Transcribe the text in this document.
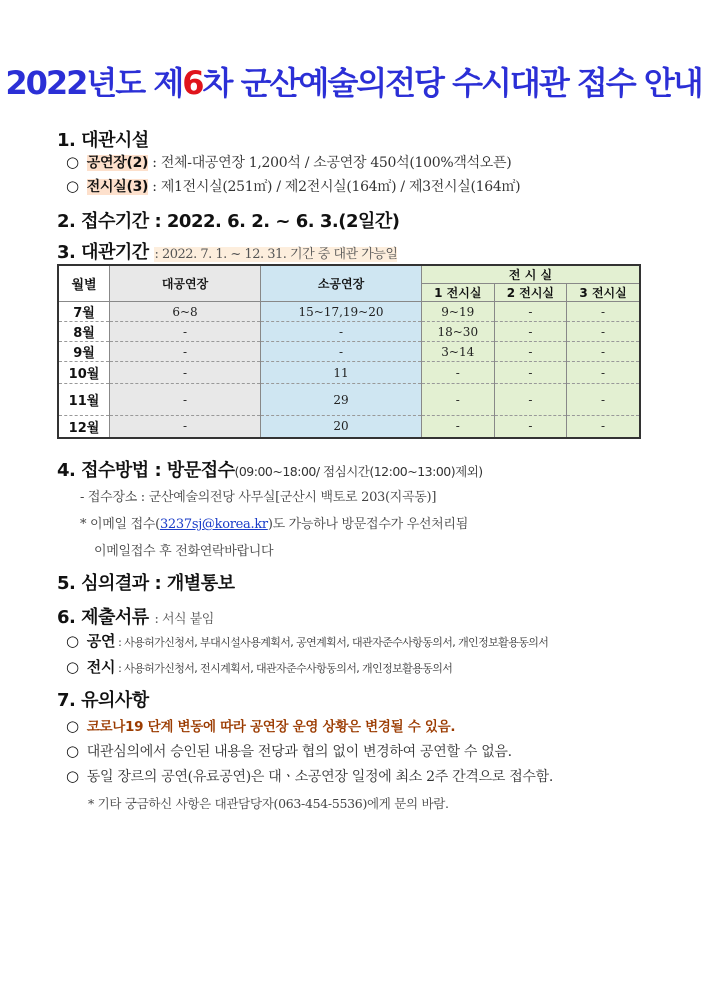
2022년도 제6차 군산예술의전당 수시대관 접수 안내
1. 대관시설
○ 공연장(2) : 전체-대공연장 1,200석 / 소공연장 450석(100%객석오픈)
○ 전시실(3) : 제1전시실(251㎡) / 제2전시실(164㎡) / 제3전시실(164㎡)
2. 접수기간 : 2022. 6. 2. ~ 6. 3.(2일간)
3. 대관기간 : 2022. 7. 1. ~ 12. 31. 기간 중 대관 가능일
월별	대공연장	소공연장	전 시 실		
			1 전시실	2 전시실	3 전시실
7월	6~8	15~17,19~20	9~19	-	-
8월	-	-	18~30	-	-
9월	-	-	3~14	-	-
10월	-	11	-	-	-
11월	-	29	-	-	-
12월	-	20	-	-	-
4. 접수방법 : 방문접수(09:00~18:00/ 점심시간(12:00~13:00)제외)
- 접수장소 : 군산예술의전당 사무실[군산시 백토로 203(지곡동)]
* 이메일 접수(3237sj@korea.kr)도 가능하나 방문접수가 우선처리됨
이메일접수 후 전화연락바랍니다
5. 심의결과 : 개별통보
6. 제출서류 : 서식 붙임
○ 공연 : 사용허가신청서, 부대시설사용계획서, 공연계획서, 대관자준수사항동의서, 개인정보활용동의서
○ 전시 : 사용허가신청서, 전시계획서, 대관자준수사항동의서, 개인정보활용동의서
7. 유의사항
○ 코로나19 단계 변동에 따라 공연장 운영 상황은 변경될 수 있음.
○ 대관심의에서 승인된 내용을 전당과 협의 없이 변경하여 공연할 수 없음.
○ 동일 장르의 공연(유료공연)은 대ㆍ소공연장 일정에 최소 2주 간격으로 접수함.
* 기타 궁금하신 사항은 대관담당자(063-454-5536)에게 문의 바람.
